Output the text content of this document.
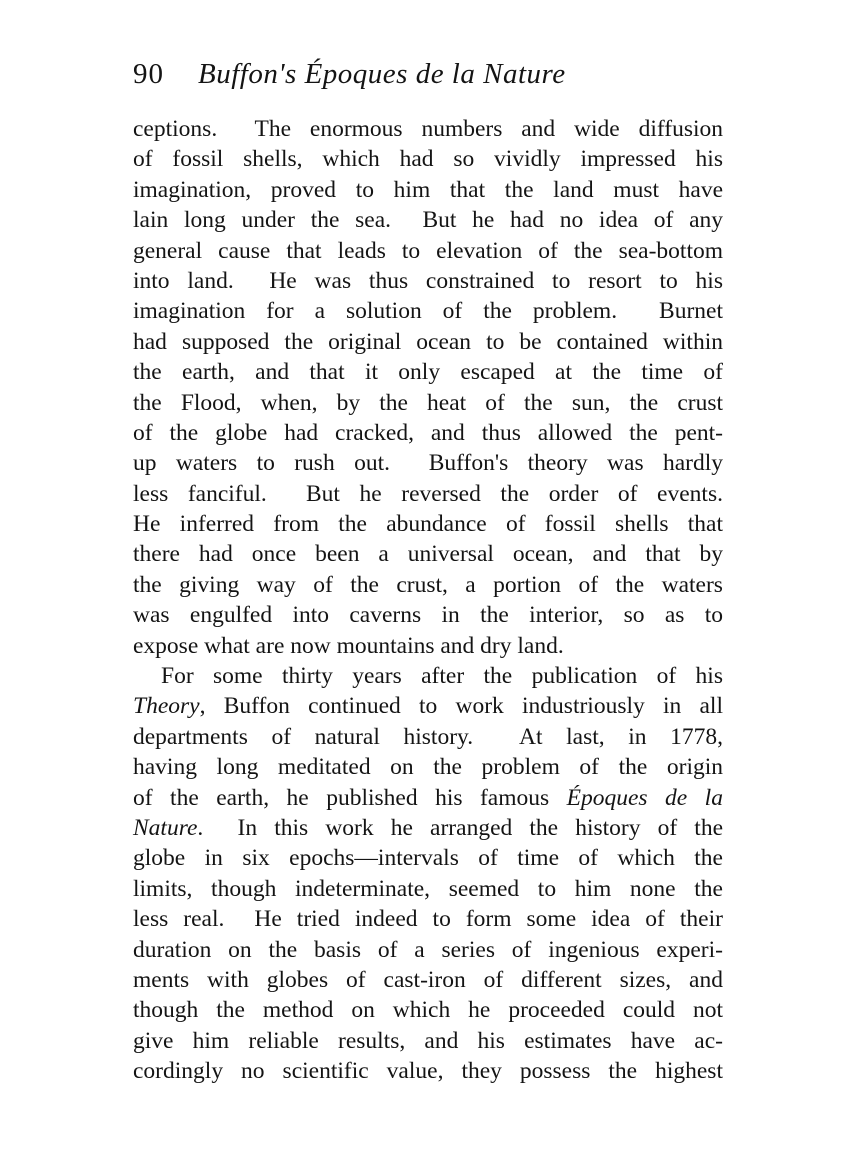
90 Buffon's Époques de la Nature
ceptions.  The enormous numbers and wide diffusion
of fossil shells, which had so vividly impressed his
imagination, proved to him that the land must have
lain long under the sea.  But he had no idea of any
general cause that leads to elevation of the sea-bottom
into land.  He was thus constrained to resort to his
imagination for a solution of the problem.  Burnet
had supposed the original ocean to be contained within
the earth, and that it only escaped at the time of
the Flood, when, by the heat of the sun, the crust
of the globe had cracked, and thus allowed the pent-
up waters to rush out.  Buffon's theory was hardly
less fanciful.  But he reversed the order of events.
He inferred from the abundance of fossil shells that
there had once been a universal ocean, and that by
the giving way of the crust, a portion of the waters
was engulfed into caverns in the interior, so as to
expose what are now mountains and dry land.
For some thirty years after the publication of his
Theory, Buffon continued to work industriously in all
departments of natural history.  At last, in 1778,
having long meditated on the problem of the origin
of the earth, he published his famous Époques de la
Nature.  In this work he arranged the history of the
globe in six epochs—intervals of time of which the
limits, though indeterminate, seemed to him none the
less real.  He tried indeed to form some idea of their
duration on the basis of a series of ingenious experi-
ments with globes of cast-iron of different sizes, and
though the method on which he proceeded could not
give him reliable results, and his estimates have ac-
cordingly no scientific value, they possess the highest
